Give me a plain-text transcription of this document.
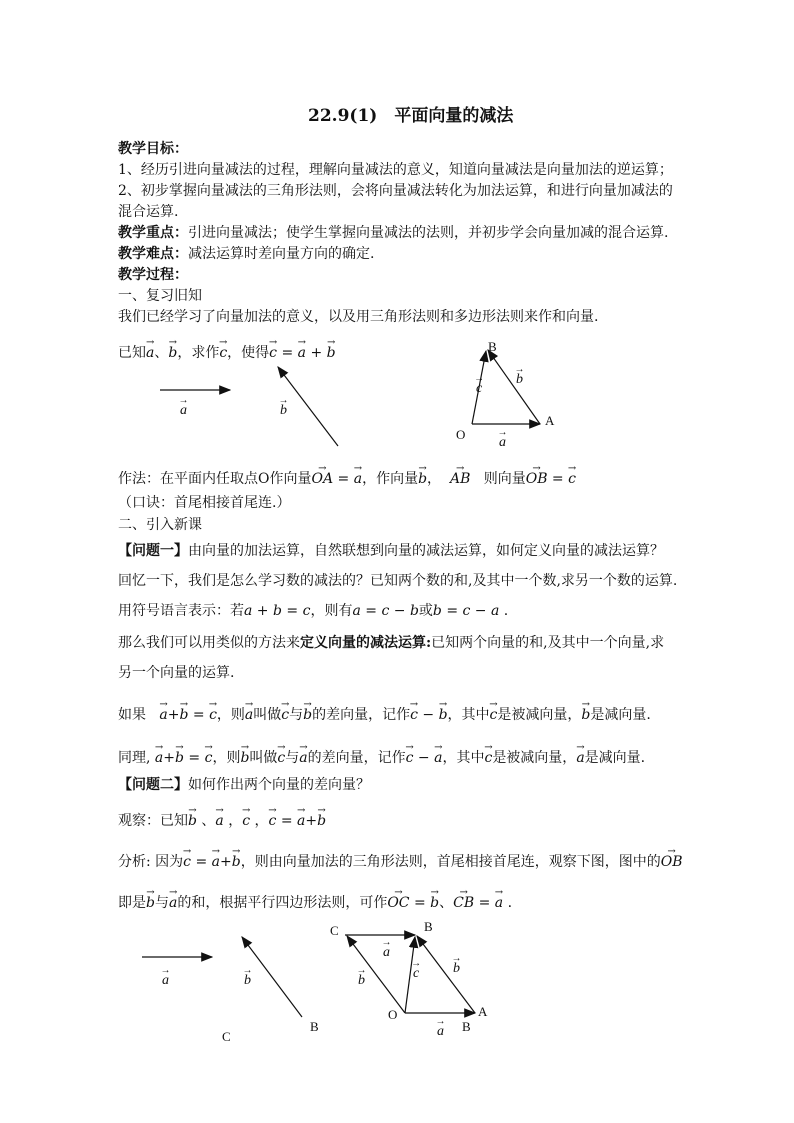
22.9(1)　平面向量的减法
教学目标：
1、经历引进向量减法的过程，理解向量减法的意义，知道向量减法是向量加法的逆运算；
2、初步掌握向量减法的三角形法则，会将向量减法转化为加法运算，和进行向量加减法的
混合运算.
教学重点：引进向量减法；使学生掌握向量减法的法则，并初步学会向量加减的混合运算.
教学难点：减法运算时差向量方向的确定.
教学过程：
一、复习旧知
我们已经学习了向量加法的意义，以及用三角形法则和多边形法则来作和向量.
已知→ a、→ b，求作→ c，使得→ c = → a + → b
→ a	→ b
B
O
A
→ c
→ b
→ a
作法：在平面内任取点O作向量→ OA = → a，作向量→ b，  → AB 则向量→ OB = → c
（口诀：首尾相接首尾连.）
二、引入新课
【问题一】由向量的加法运算，自然联想到向量的减法运算，如何定义向量的减法运算？
回忆一下，我们是怎么学习数的减法的？已知两个数的和,及其中一个数,求另一个数的运算.
用符号语言表示：若a + b = c，则有a = c − b或b = c − a .
那么我们可以用类似的方法来定义向量的减法运算:已知两个向量的和,及其中一个向量,求
另一个向量的运算.
如果 → a+→ b = → c，则→ a叫做→ c与→ b的差向量，记作→ c − → b，其中→ c是被减向量，→ b是减向量.
同理, → a+→ b = → c，则→ b叫做→ c与→ a的差向量，记作→ c − → a，其中→ c是被减向量，→ a是减向量.
【问题二】如何作出两个向量的差向量？
观察：已知→ b 、→ a ，→ c ，→ c = → a+→ b
分析: 因为→ c = → a+→ b，则由向量加法的三角形法则，首尾相接首尾连，观察下图，图中的→ OB
即是→ b与→ a的和，根据平行四边形法则，可作→ OC = → b、→ CB = → a .
→ a	→ b
B
C
C	B
O	A
B
→ a
→ b	→ c → b
→ a
